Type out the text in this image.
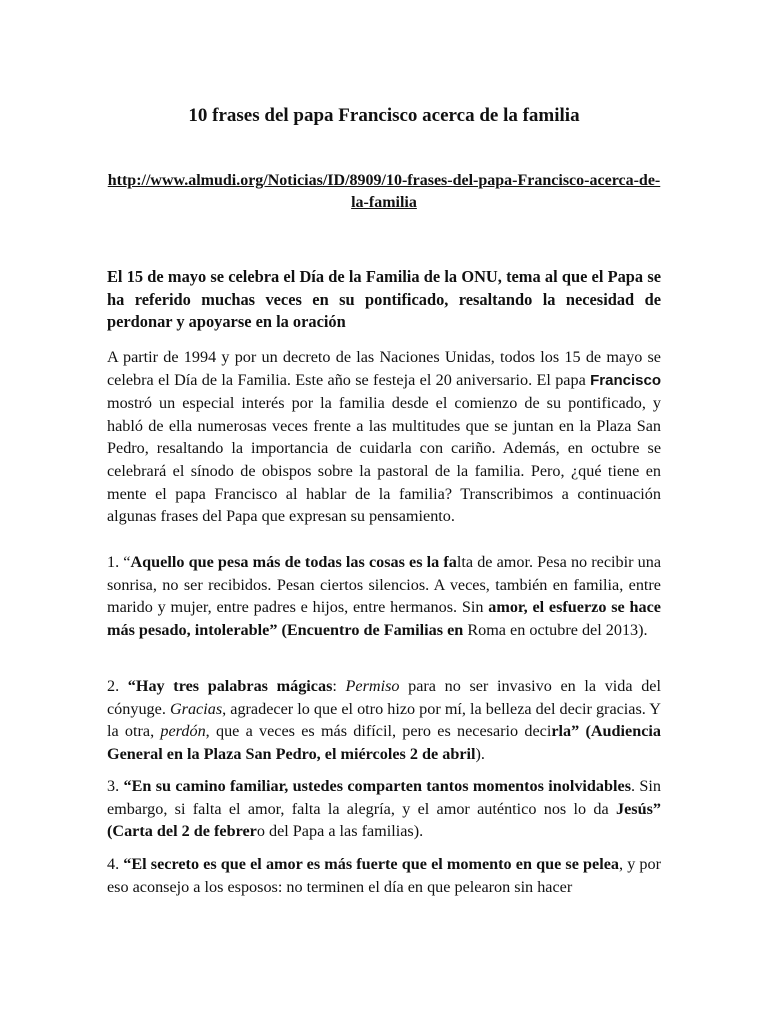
10 frases del papa Francisco acerca de la familia

http://www.almudi.org/Noticias/ID/8909/10-frases-del-papa-Francisco-acerca-de-la-familia

El 15 de mayo se celebra el Día de la Familia de la ONU, tema al que el Papa se ha referido muchas veces en su pontificado, resaltando la necesidad de perdonar y apoyarse en la oración

A partir de 1994 y por un decreto de las Naciones Unidas, todos los 15 de mayo se celebra el Día de la Familia. Este año se festeja el 20 aniversario. El papa Francisco mostró un especial interés por la familia desde el comienzo de su pontificado, y habló de ella numerosas veces frente a las multitudes que se juntan en la Plaza San Pedro, resaltando la importancia de cuidarla con cariño. Además, en octubre se celebrará el sínodo de obispos sobre la pastoral de la familia. Pero, ¿qué tiene en mente el papa Francisco al hablar de la familia? Transcribimos a continuación algunas frases del Papa que expresan su pensamiento.

1. “Aquello que pesa más de todas las cosas es la falta de amor. Pesa no recibir una sonrisa, no ser recibidos. Pesan ciertos silencios. A veces, también en familia, entre marido y mujer, entre padres e hijos, entre hermanos. Sin amor, el esfuerzo se hace más pesado, intolerable” (Encuentro de Familias en Roma en octubre del 2013).

2. “Hay tres palabras mágicas: Permiso para no ser invasivo en la vida del cónyuge. Gracias, agradecer lo que el otro hizo por mí, la belleza del decir gracias. Y la otra, perdón, que a veces es más difícil, pero es necesario decirla” (Audiencia General en la Plaza San Pedro, el miércoles 2 de abril).

3. “En su camino familiar, ustedes comparten tantos momentos inolvidables. Sin embargo, si falta el amor, falta la alegría, y el amor auténtico nos lo da Jesús” (Carta del 2 de febrero del Papa a las familias).

4. “El secreto es que el amor es más fuerte que el momento en que se pelea, y por eso aconsejo a los esposos: no terminen el día en que pelearon sin hacer
